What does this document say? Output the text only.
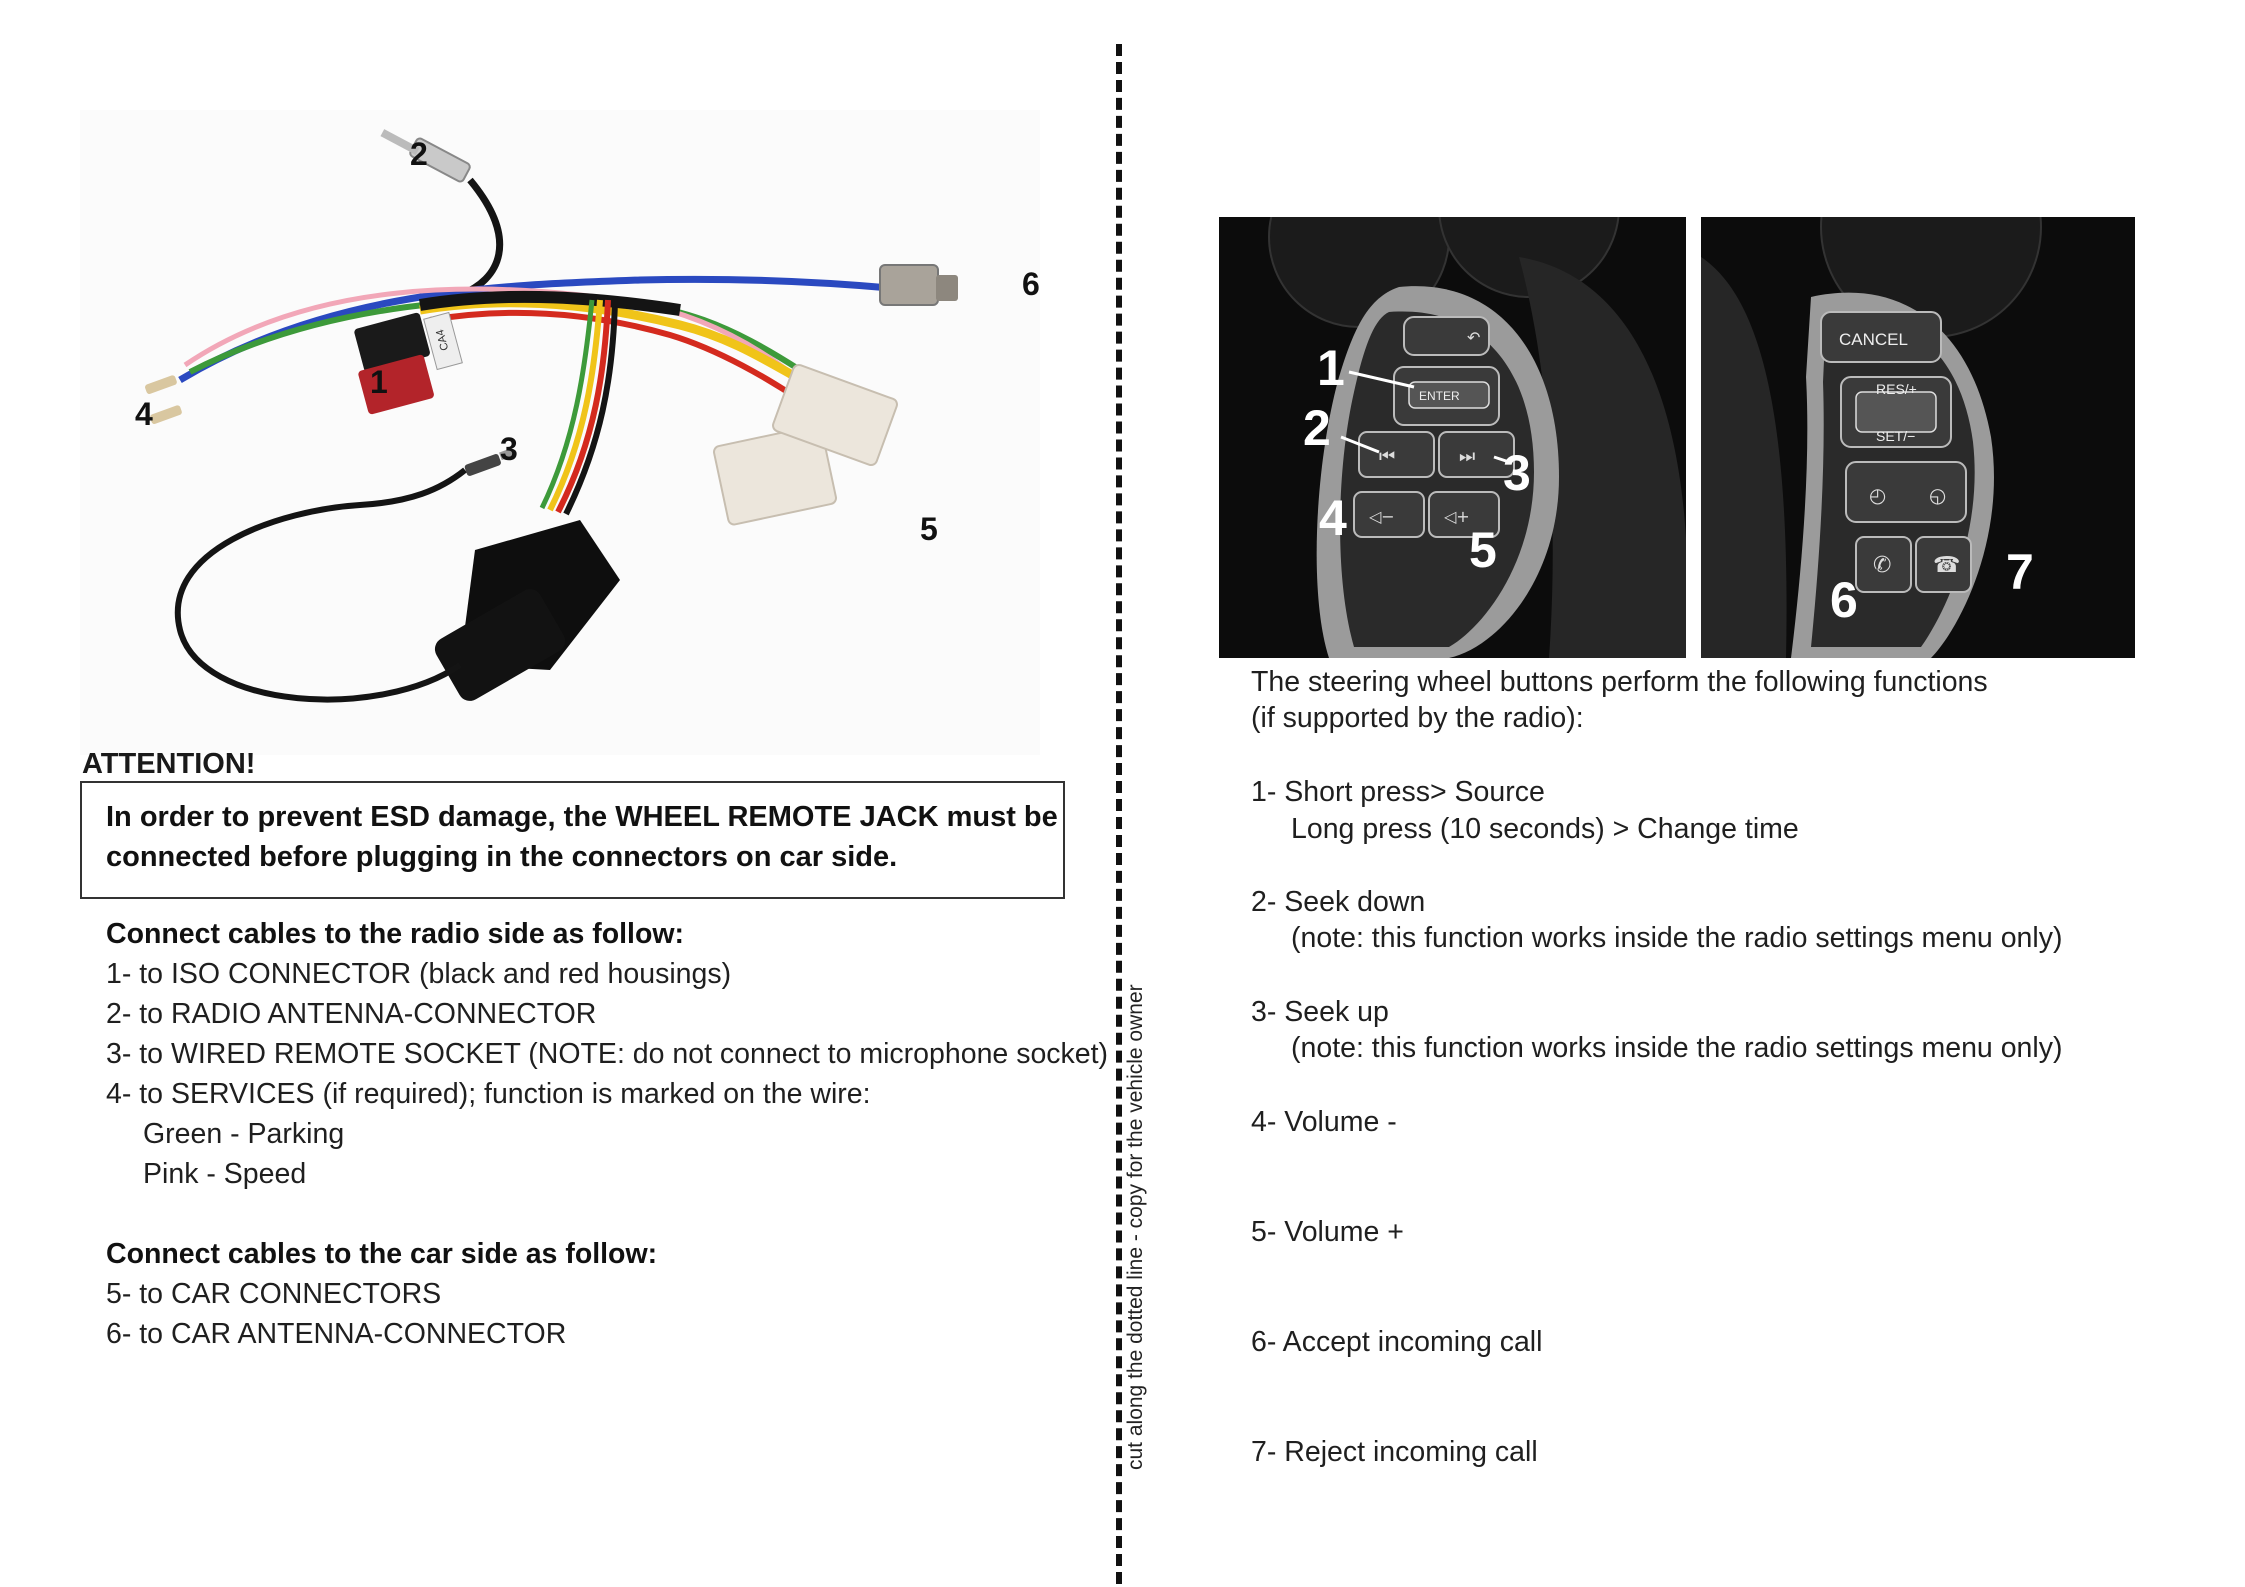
CA4
1
2
3
4
5
6
ATTENTION!
In order to prevent ESD damage, the WHEEL REMOTE JACK must be
connected before plugging in the connectors on car side.
Connect cables to the radio side as follow:
1- to ISO CONNECTOR (black and red housings)
2- to RADIO ANTENNA-CONNECTOR
3- to WIRED REMOTE SOCKET (NOTE: do not connect to microphone socket)
4- to SERVICES (if required); function is marked on the wire:
Green - Parking
Pink - Speed
Connect cables to the car side as follow:
5- to CAR CONNECTORS
6- to CAR ANTENNA-CONNECTOR	cut along the dotted line - copy for the vehicle owner
↶
ENTER
⏮	⏭
◁−	◁+
1
2
3
4
5
CANCEL
RES/+
SET/−
◴ ◵
✆ ☎
6	7
The steering wheel buttons perform the following functions
(if supported by the radio):
1- Short press> Source
Long press (10 seconds) > Change time
2- Seek down
(note: this function works inside the radio settings menu only)
3- Seek up
(note: this function works inside the radio settings menu only)
4- Volume -
5- Volume +
6- Accept incoming call
7- Reject incoming call
